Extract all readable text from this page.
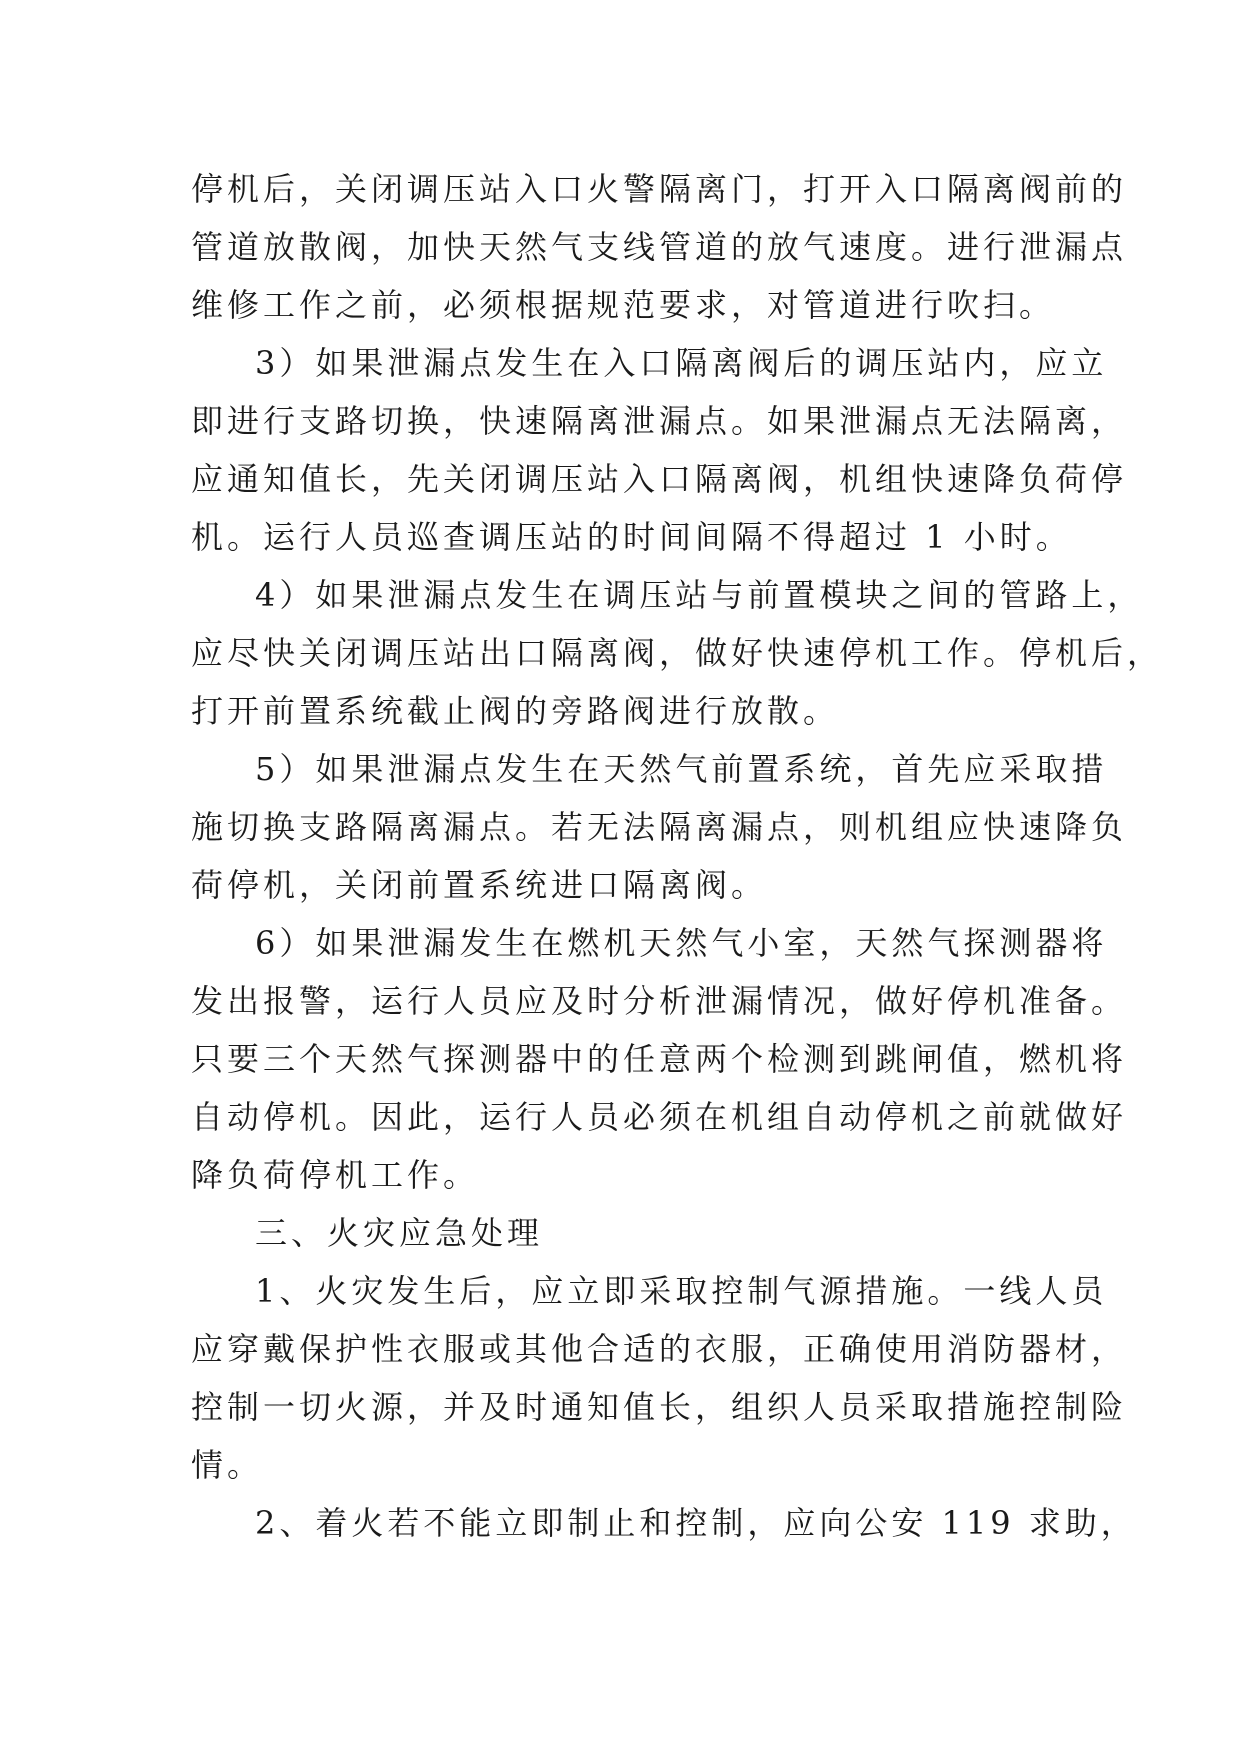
停机后，关闭调压站入口火警隔离门，打开入口隔离阀前的
管道放散阀，加快天然气支线管道的放气速度。进行泄漏点
维修工作之前，必须根据规范要求，对管道进行吹扫。
3）如果泄漏点发生在入口隔离阀后的调压站内，应立
即进行支路切换，快速隔离泄漏点。如果泄漏点无法隔离，
应通知值长，先关闭调压站入口隔离阀，机组快速降负荷停
机。运行人员巡查调压站的时间间隔不得超过 1 小时。
4）如果泄漏点发生在调压站与前置模块之间的管路上，
应尽快关闭调压站出口隔离阀，做好快速停机工作。停机后，
打开前置系统截止阀的旁路阀进行放散。
5）如果泄漏点发生在天然气前置系统，首先应采取措
施切换支路隔离漏点。若无法隔离漏点，则机组应快速降负
荷停机，关闭前置系统进口隔离阀。
6）如果泄漏发生在燃机天然气小室，天然气探测器将
发出报警，运行人员应及时分析泄漏情况，做好停机准备。
只要三个天然气探测器中的任意两个检测到跳闸值，燃机将
自动停机。因此，运行人员必须在机组自动停机之前就做好
降负荷停机工作。
三、火灾应急处理
1、火灾发生后，应立即采取控制气源措施。一线人员
应穿戴保护性衣服或其他合适的衣服，正确使用消防器材，
控制一切火源，并及时通知值长，组织人员采取措施控制险
情。
2、着火若不能立即制止和控制，应向公安 119 求助，
